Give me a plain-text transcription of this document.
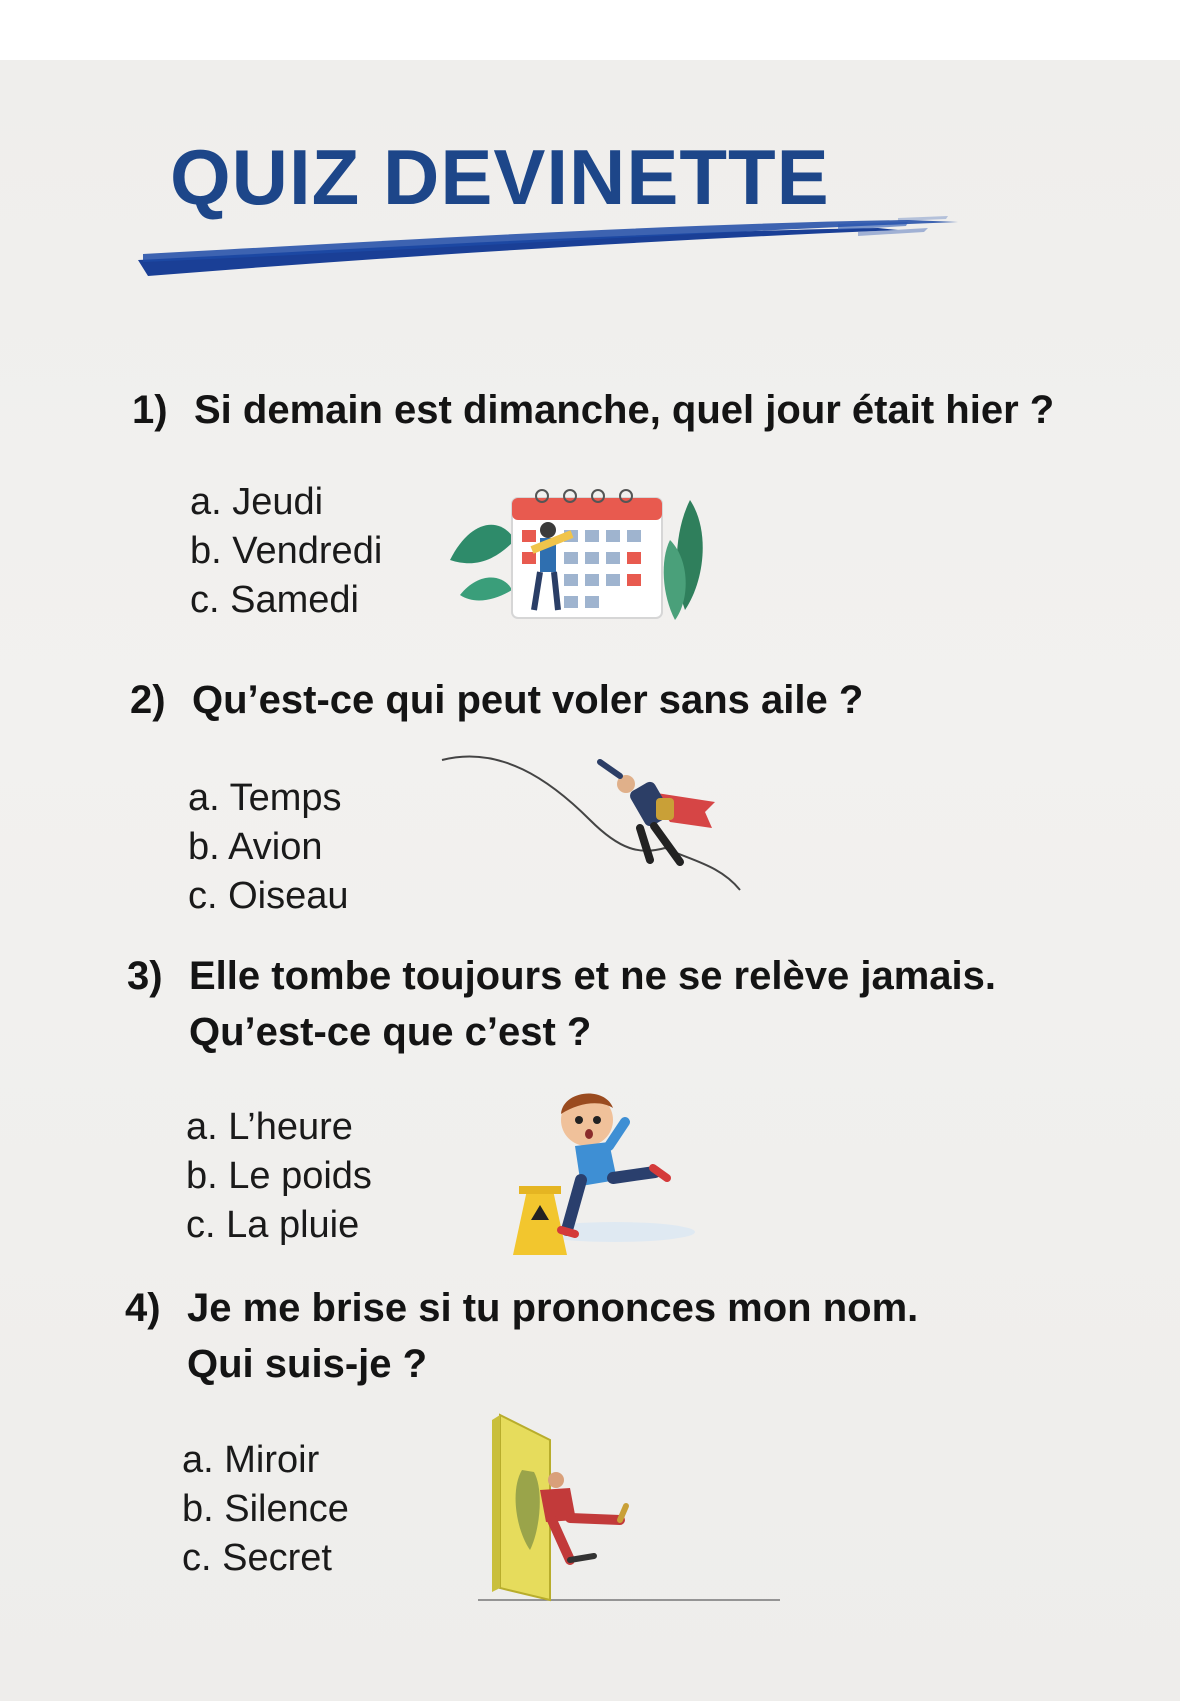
QUIZ DEVINETTE
1) Si demain est dimanche, quel jour était hier ?
a. Jeudi
b. Vendredi
c. Samedi
2) Qu’est-ce qui peut voler sans aile ?
a. Temps
b. Avion
c. Oiseau
3) Elle tombe toujours et ne se relève jamais.
Qu’est-ce que c’est ?
a. L’heure
b. Le poids
c. La pluie
4) Je me brise si tu prononces mon nom.
Qui suis-je ?
a. Miroir
b. Silence
c. Secret
